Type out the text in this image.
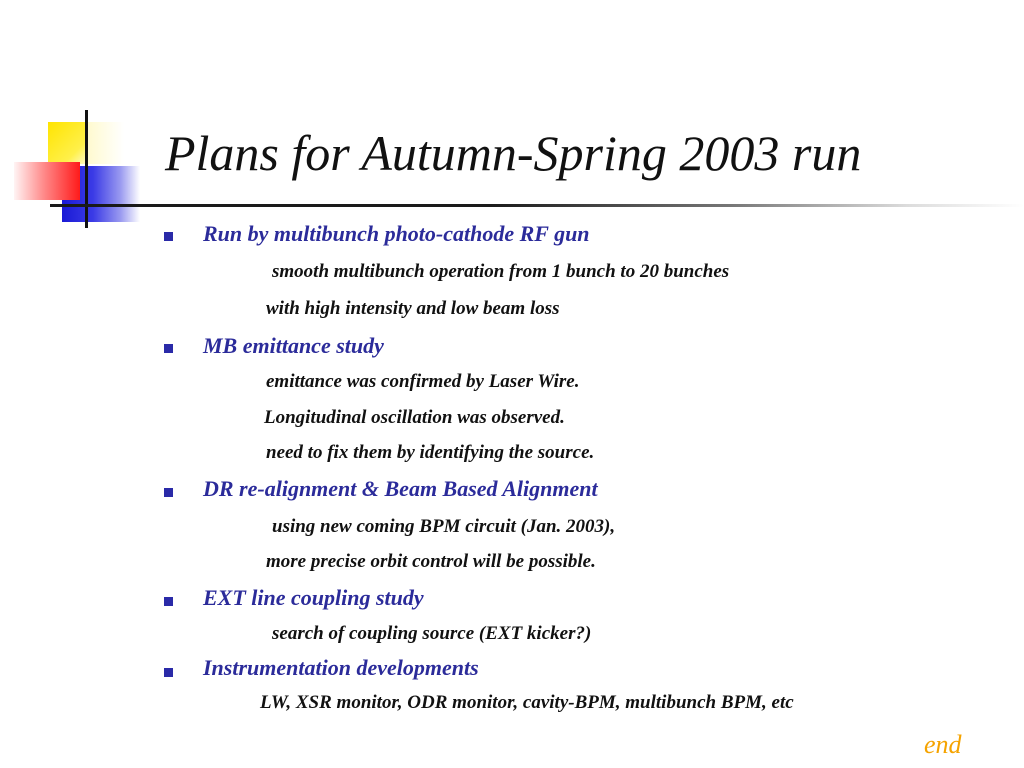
Plans for Autumn-Spring 2003 run
Run by multibunch photo-cathode RF gun
smooth multibunch operation from 1 bunch to 20 bunches
with high intensity and low beam loss
MB emittance study
emittance was confirmed by Laser Wire.
Longitudinal oscillation was observed.
need to fix them by identifying the source.
DR re-alignment & Beam Based Alignment
using new coming BPM circuit (Jan. 2003),
more precise orbit control will be possible.
EXT line coupling study
search of coupling source (EXT kicker?)
Instrumentation developments
LW, XSR monitor, ODR monitor, cavity-BPM, multibunch BPM, etc
end
